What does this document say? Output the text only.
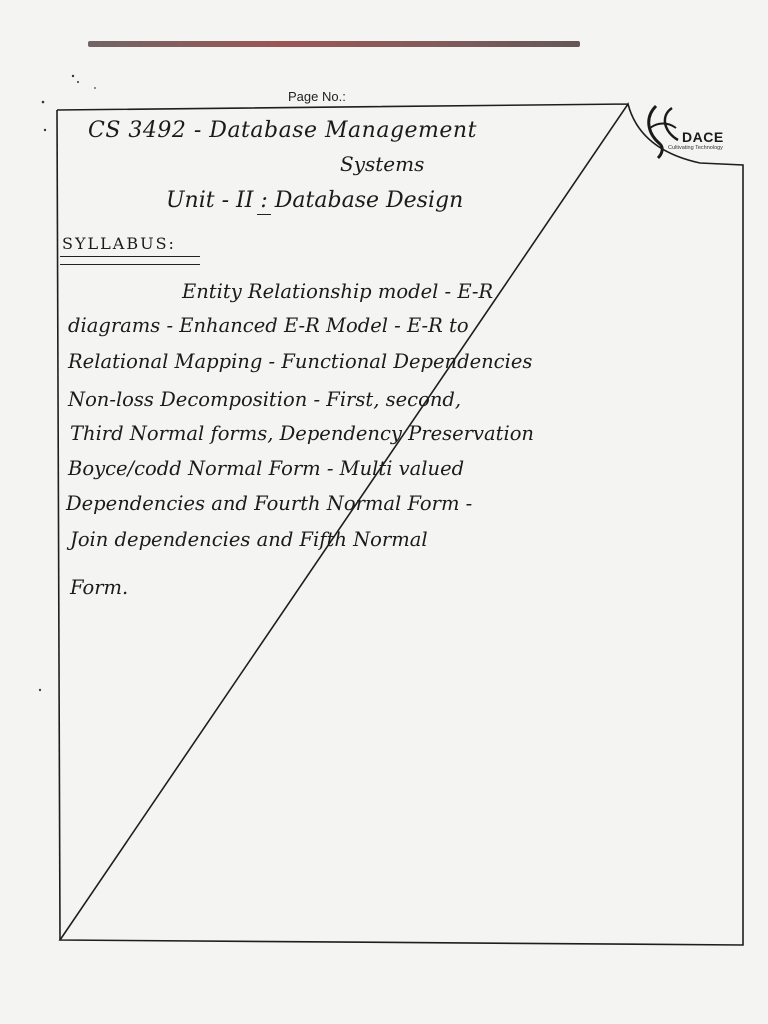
Page No.:
DACE
Cultivating Technology
CS 3492 - Database Management
Systems
Unit - II : Database Design
SYLLABUS:
Entity Relationship model - E-R
diagrams - Enhanced E-R Model - E-R to
Relational Mapping - Functional Dependencies
Non-loss Decomposition - First, second,
Third Normal forms, Dependency Preservation
Boyce/codd Normal Form - Multi valued
Dependencies and Fourth Normal Form -
Join dependencies and Fifth Normal
Form.
